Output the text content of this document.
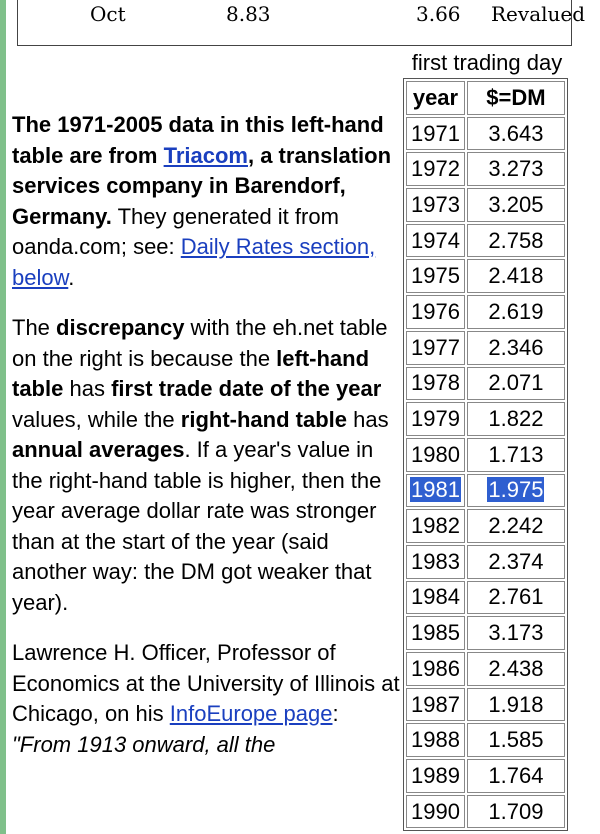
Oct	8.83	3.66 Revalued

The 1971-2005 data in this left-hand table are from Triacom, a translation services company in Barendorf, Germany. They generated it from oanda.com; see: Daily Rates section, below.

The discrepancy with the eh.net table on the right is because the left-hand table has first trade date of the year values, while the right-hand table has annual averages. If a year's value in the right-hand table is higher, then the year average dollar rate was stronger than at the start of the year (said another way: the DM got weaker that year).

Lawrence H. Officer, Professor of Economics at the University of Illinois at Chicago, on his InfoEurope page:

"From 1913 onward, all the

first trading day
year	$=DM
1971	3.643
1972	3.273
1973	3.205
1974	2.758
1975	2.418
1976	2.619
1977	2.346
1978	2.071
1979	1.822
1980	1.713
1981	1.975
1982	2.242
1983	2.374
1984	2.761
1985	3.173
1986	2.438
1987	1.918
1988	1.585
1989	1.764
1990	1.709
